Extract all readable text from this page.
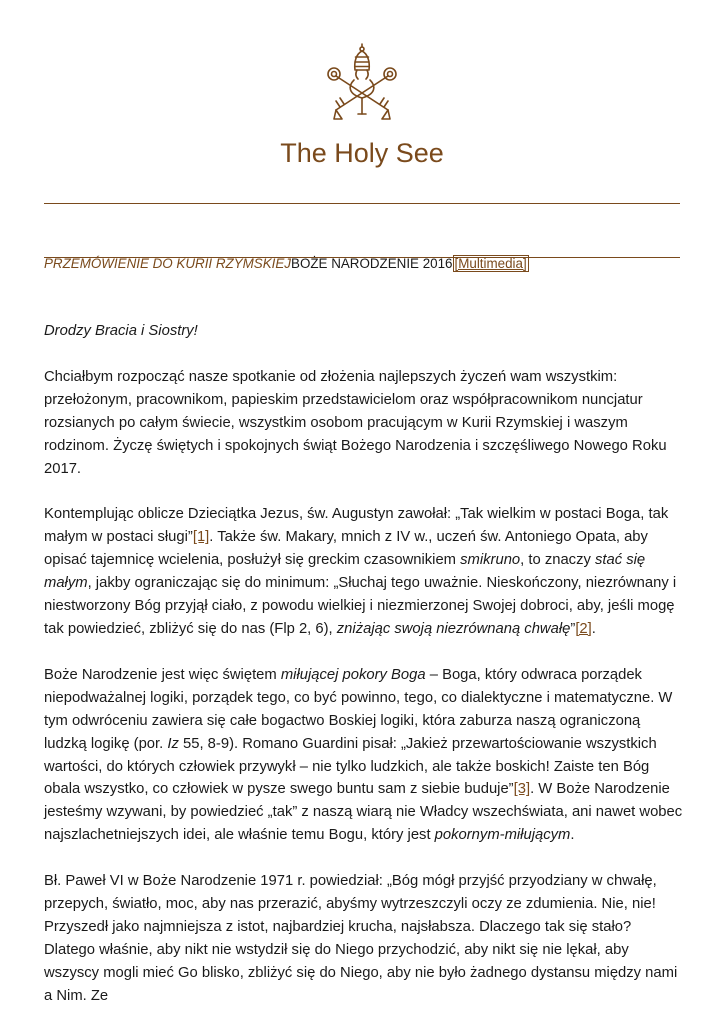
The Holy See
PRZEMÓWIENIE DO KURII RZYMSKIEJBOŻE NARODZENIE 2016 [Multimedia]

Drodzy Bracia i Siostry!

Chciałbym rozpocząć nasze spotkanie od złożenia najlepszych życzeń wam wszystkim: przełożonym, pracownikom, papieskim przedstawicielom oraz współpracownikom nuncjatur rozsianych po całym świecie, wszystkim osobom pracującym w Kurii Rzymskiej i waszym rodzinom. Życzę świętych i spokojnych świąt Bożego Narodzenia i szczęśliwego Nowego Roku 2017.

Kontemplując oblicze Dzieciątka Jezus, św. Augustyn zawołał: „Tak wielkim w postaci Boga, tak małym w postaci sługi”[1]. Także św. Makary, mnich z IV w., uczeń św. Antoniego Opata, aby opisać tajemnicę wcielenia, posłużył się greckim czasownikiem smikruno, to znaczy stać się małym, jakby ograniczając się do minimum: „Słuchaj tego uważnie. Nieskończony, niezrównany i niestworzony Bóg przyjął ciało, z powodu wielkiej i niezmierzonej Swojej dobroci, aby, jeśli mogę tak powiedzieć, zbliżyć się do nas (Flp 2, 6), zniżając swoją niezrównaną chwałę”[2].

Boże Narodzenie jest więc świętem miłującej pokory Boga – Boga, który odwraca porządek niepodważalnej logiki, porządek tego, co być powinno, tego, co dialektyczne i matematyczne. W tym odwróceniu zawiera się całe bogactwo Boskiej logiki, która zaburza naszą ograniczoną ludzką logikę (por. Iz 55, 8-9). Romano Guardini pisał: „Jakież przewartościowanie wszystkich wartości, do których człowiek przywykł – nie tylko ludzkich, ale także boskich! Zaiste ten Bóg obala wszystko, co człowiek w pysze swego buntu sam z siebie buduje”[3]. W Boże Narodzenie jesteśmy wzywani, by powiedzieć „tak” z naszą wiarą nie Władcy wszechświata, ani nawet wobec najszlachetniejszych idei, ale właśnie temu Bogu, który jest pokornym-miłującym.

Bł. Paweł VI w Boże Narodzenie 1971 r. powiedział: „Bóg mógł przyjść przyodziany w chwałę, przepych, światło, moc, aby nas przerazić, abyśmy wytrzeszczyli oczy ze zdumienia. Nie, nie! Przyszedł jako najmniejsza z istot, najbardziej krucha, najsłabsza. Dlaczego tak się stało? Dlatego właśnie, aby nikt nie wstydził się do Niego przychodzić, aby nikt się nie lękał, aby wszyscy mogli mieć Go blisko, zbliżyć się do Niego, aby nie było żadnego dystansu między nami a Nim. Ze
